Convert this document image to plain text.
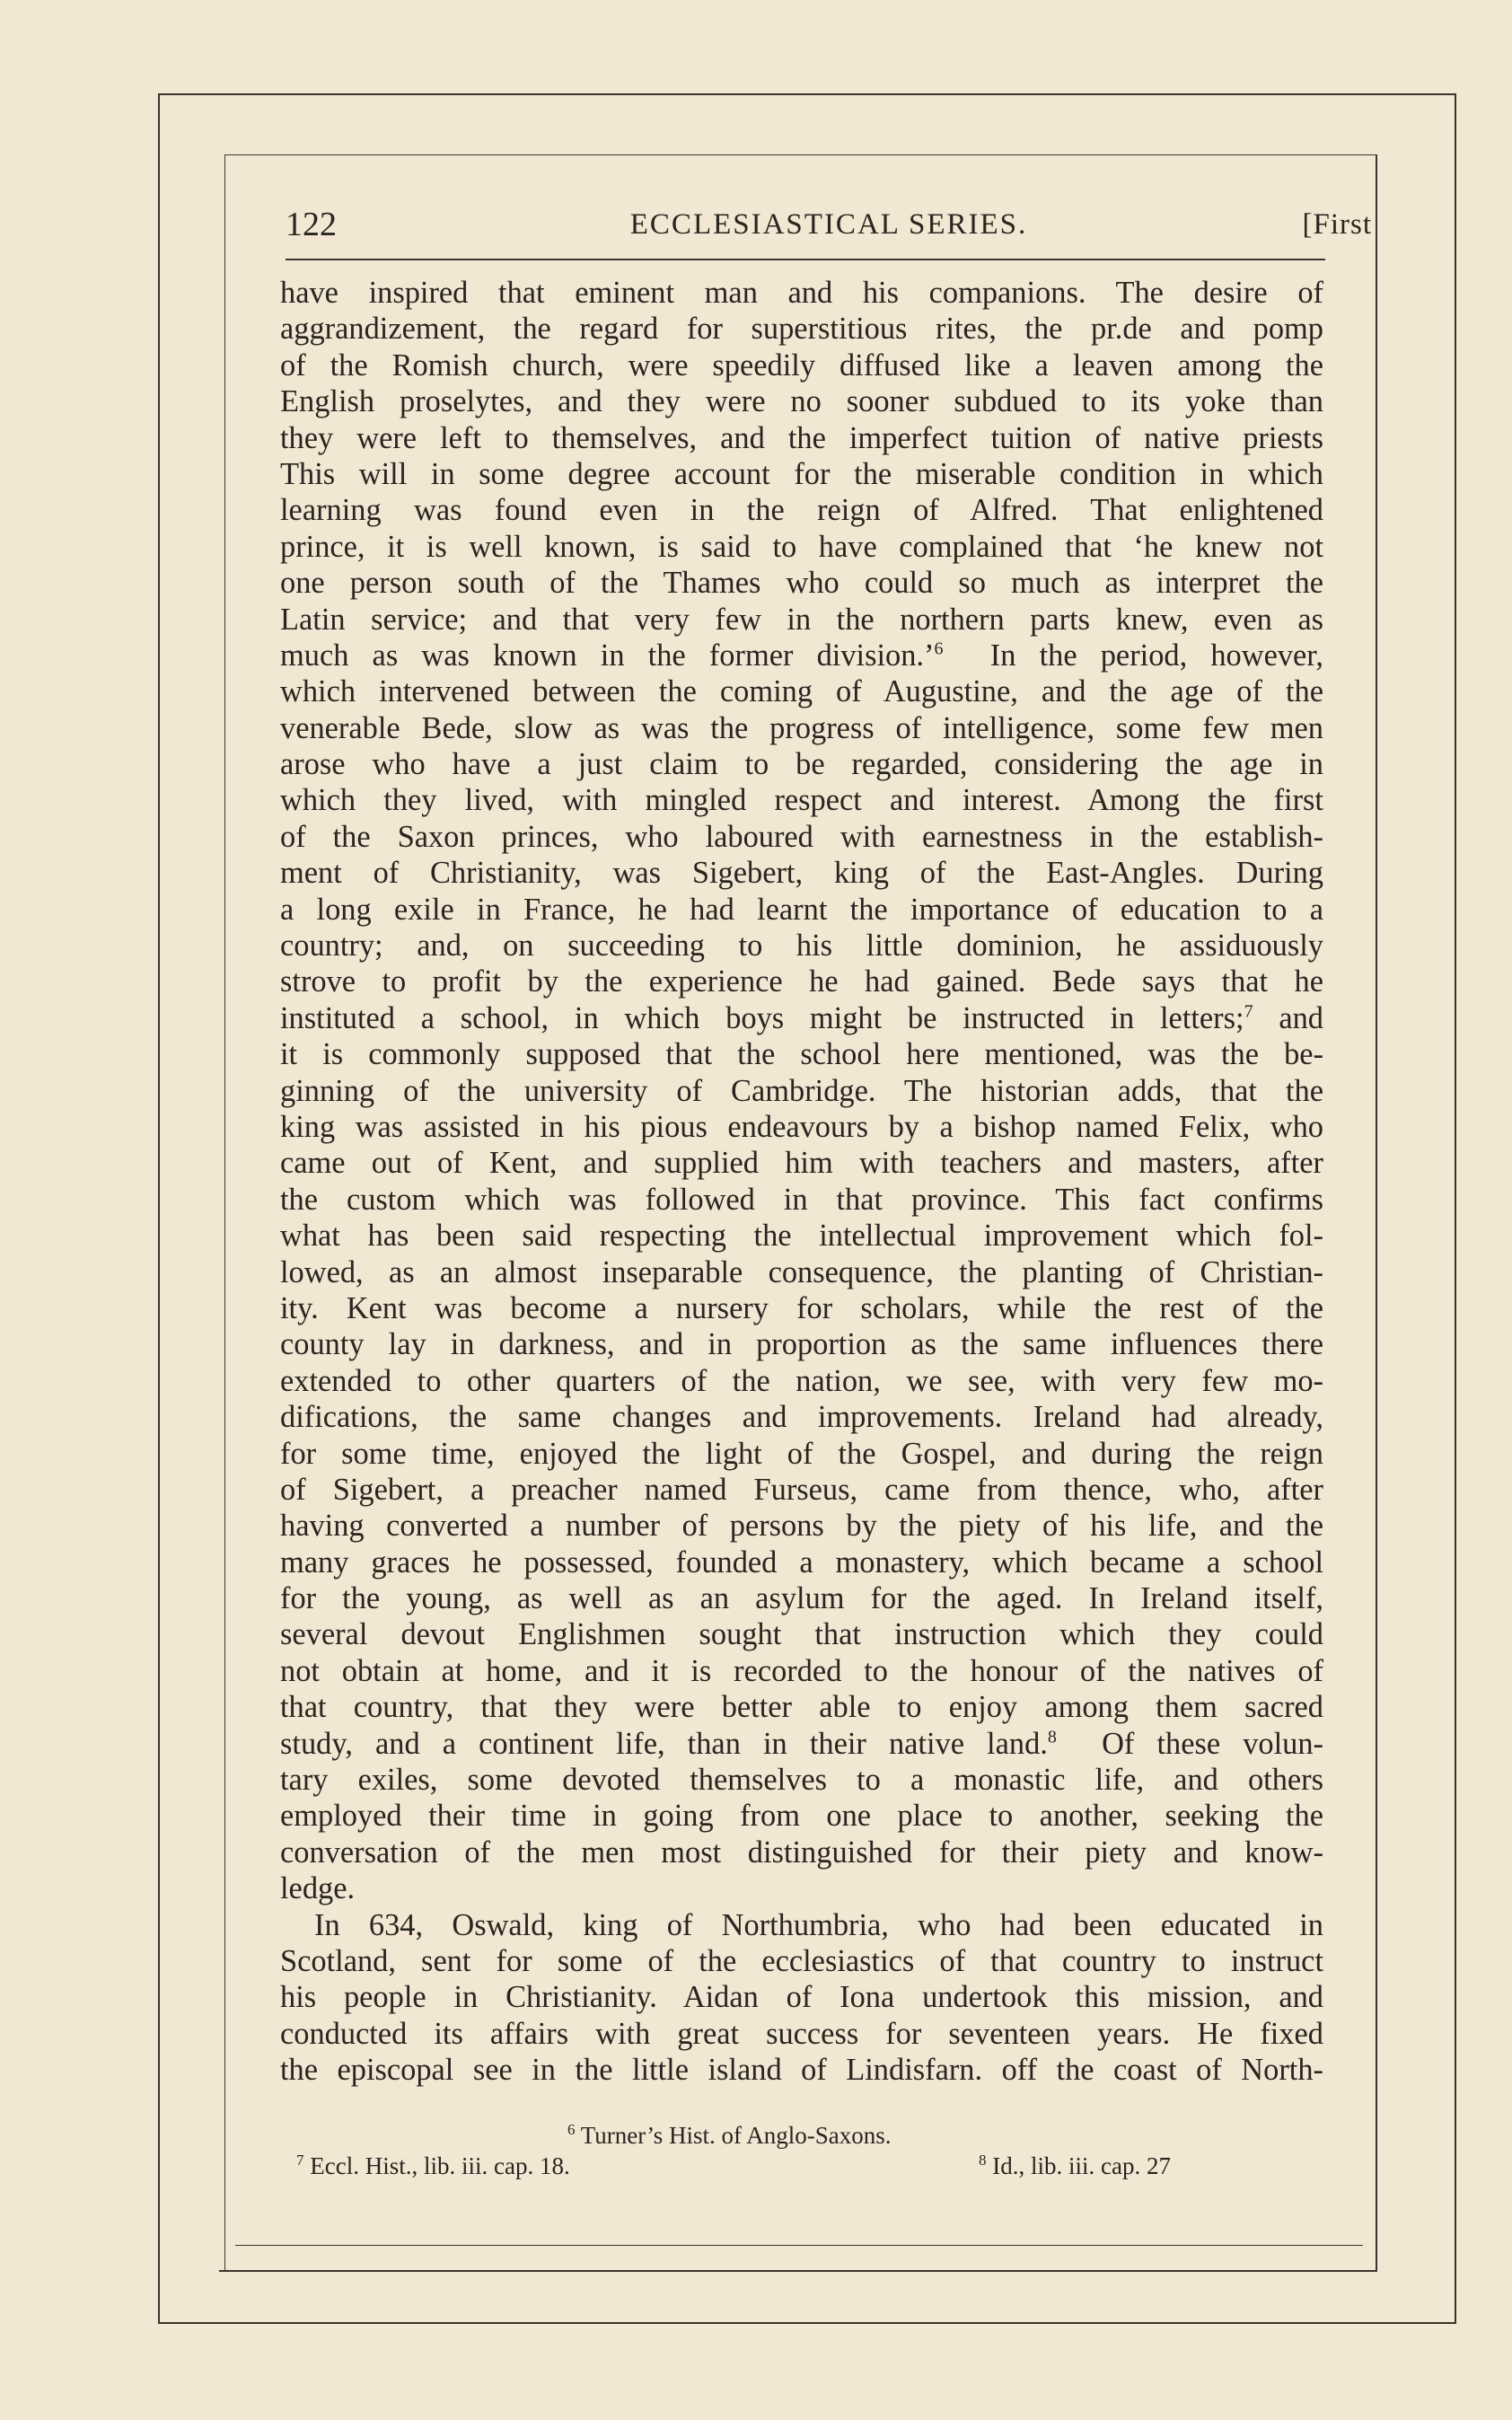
122	ECCLESIASTICAL SERIES.	[First
have inspired that eminent man and his companions. The desire of
aggrandizement, the regard for superstitious rites, the pr.de and pomp
of the Romish church, were speedily diffused like a leaven among the
English proselytes, and they were no sooner subdued to its yoke than
they were left to themselves, and the imperfect tuition of native priests
This will in some degree account for the miserable condition in which
learning was found even in the reign of Alfred. That enlightened
prince, it is well known, is said to have complained that ‘he knew not
one person south of the Thames who could so much as interpret the
Latin service; and that very few in the northern parts knew, even as
much as was known in the former division.’$^6$ In the period, however,
which intervened between the coming of Augustine, and the age of the
venerable Bede, slow as was the progress of intelligence, some few men
arose who have a just claim to be regarded, considering the age in
which they lived, with mingled respect and interest. Among the first
of the Saxon princes, who laboured with earnestness in the establish-
ment of Christianity, was Sigebert, king of the East-Angles. During
a long exile in France, he had learnt the importance of education to a
country; and, on succeeding to his little dominion, he assiduously
strove to profit by the experience he had gained. Bede says that he
instituted a school, in which boys might be instructed in letters;$^7$ and
it is commonly supposed that the school here mentioned, was the be-
ginning of the university of Cambridge. The historian adds, that the
king was assisted in his pious endeavours by a bishop named Felix, who
came out of Kent, and supplied him with teachers and masters, after
the custom which was followed in that province. This fact confirms
what has been said respecting the intellectual improvement which fol-
lowed, as an almost inseparable consequence, the planting of Christian-
ity. Kent was become a nursery for scholars, while the rest of the
county lay in darkness, and in proportion as the same influences there
extended to other quarters of the nation, we see, with very few mo-
difications, the same changes and improvements. Ireland had already,
for some time, enjoyed the light of the Gospel, and during the reign
of Sigebert, a preacher named Furseus, came from thence, who, after
having converted a number of persons by the piety of his life, and the
many graces he possessed, founded a monastery, which became a school
for the young, as well as an asylum for the aged. In Ireland itself,
several devout Englishmen sought that instruction which they could
not obtain at home, and it is recorded to the honour of the natives of
that country, that they were better able to enjoy among them sacred
study, and a continent life, than in their native land.$^8$ Of these volun-
tary exiles, some devoted themselves to a monastic life, and others
employed their time in going from one place to another, seeking the
conversation of the men most distinguished for their piety and know-
ledge.
In 634, Oswald, king of Northumbria, who had been educated in
Scotland, sent for some of the ecclesiastics of that country to instruct
his people in Christianity. Aidan of Iona undertook this mission, and
conducted its affairs with great success for seventeen years. He fixed
the episcopal see in the little island of Lindisfarn. off the coast of North-
$^6$ Turner’s Hist. of Anglo-Saxons.
$^7$ Eccl. Hist., lib. iii. cap. 18.	$^8$ Id., lib. iii. cap. 27
